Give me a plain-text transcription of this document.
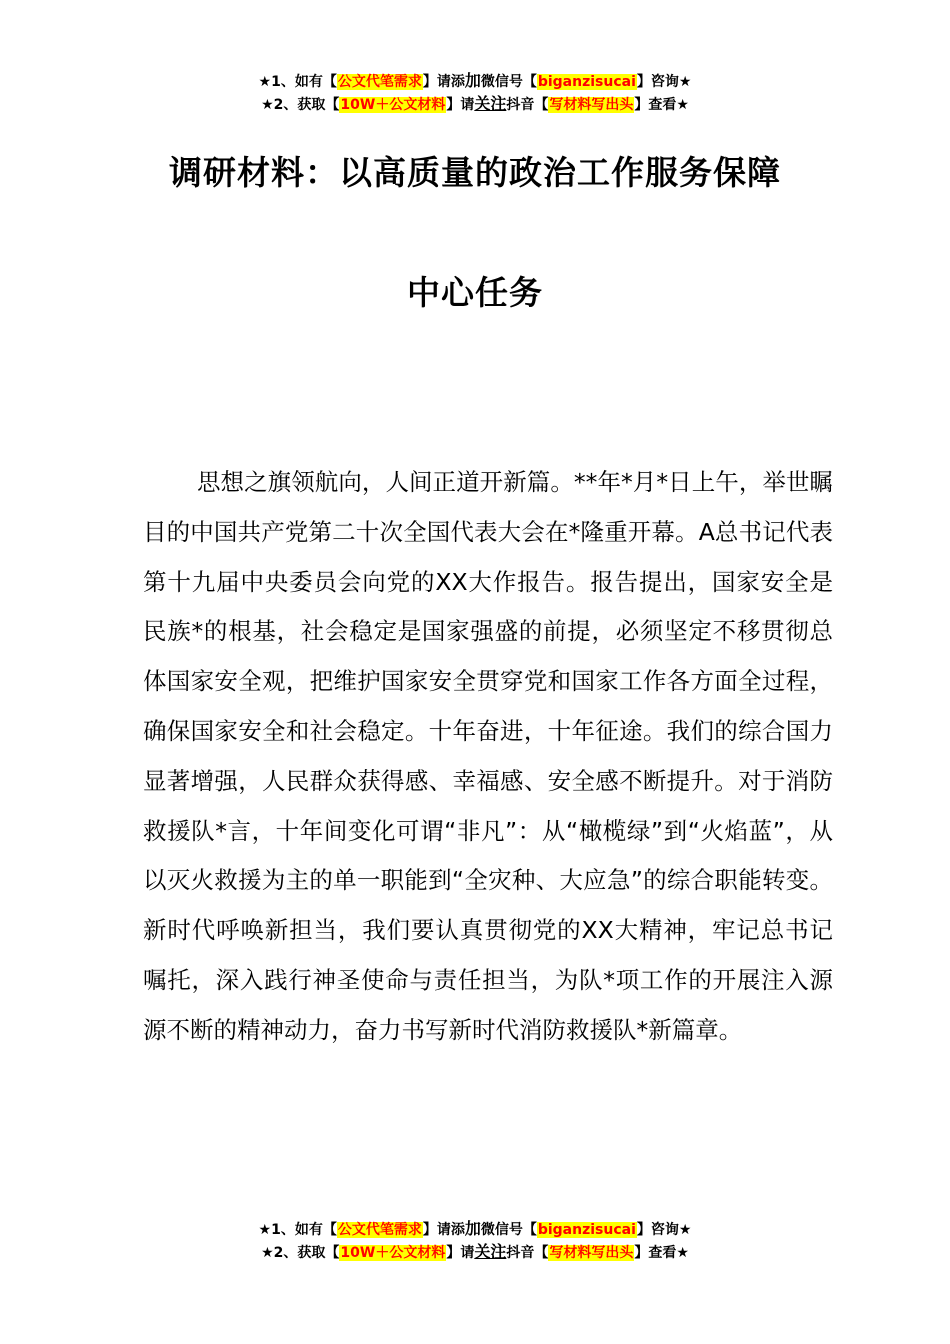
★1、如有【公文代笔需求】请添加微信号【biganzisucai】咨询★
★2、获取【10W＋公文材料】请关注抖音【写材料写出头】查看★
调研材料：以高质量的政治工作服务保障
中心任务

思想之旗领航向，人间正道开新篇。**年*月*日上午，举世瞩目的中国共产党第二十次全国代表大会在*隆重开幕。A总书记代表第十九届中央委员会向党的XX大作报告。报告提出，国家安全是民族*的根基，社会稳定是国家强盛的前提，必须坚定不移贯彻总体国家安全观，把维护国家安全贯穿党和国家工作各方面全过程，确保国家安全和社会稳定。十年奋进，十年征途。我们的综合国力显著增强，人民群众获得感、幸福感、安全感不断提升。对于消防救援队*言，十年间变化可谓“非凡”：从“橄榄绿”到“火焰蓝”，从以灭火救援为主的单一职能到“全灾种、大应急”的综合职能转变。新时代呼唤新担当，我们要认真贯彻党的XX大精神，牢记总书记嘱托，深入践行神圣使命与责任担当，为队*项工作的开展注入源源不断的精神动力，奋力书写新时代消防救援队*新篇章。

★1、如有【公文代笔需求】请添加微信号【biganzisucai】咨询★
★2、获取【10W＋公文材料】请关注抖音【写材料写出头】查看★
